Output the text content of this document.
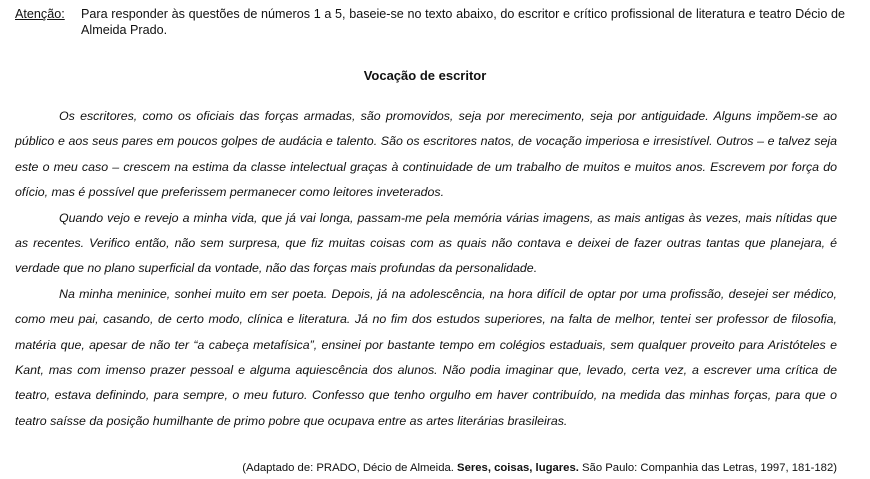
Atenção:	Para responder às questões de números 1 a 5, baseie-se no texto abaixo, do escritor e crítico profissional de literatura e teatro Décio de Almeida Prado.
Vocação de escritor

Os escritores, como os oficiais das forças armadas, são promovidos, seja por merecimento, seja por antiguidade. Alguns impõem-se ao público e aos seus pares em poucos golpes de audácia e talento. São os escritores natos, de vocação imperiosa e irresistível. Outros – e talvez seja este o meu caso – crescem na estima da classe intelectual graças à continuidade de um trabalho de muitos e muitos anos. Escrevem por força do ofício, mas é possível que preferissem permanecer como leitores inveterados.

Quando vejo e revejo a minha vida, que já vai longa, passam-me pela memória várias imagens, as mais antigas às vezes, mais nítidas que as recentes. Verifico então, não sem surpresa, que fiz muitas coisas com as quais não contava e deixei de fazer outras tantas que planejara, é verdade que no plano superficial da vontade, não das forças mais profundas da personalidade.

Na minha meninice, sonhei muito em ser poeta. Depois, já na adolescência, na hora difícil de optar por uma profissão, desejei ser médico, como meu pai, casando, de certo modo, clínica e literatura. Já no fim dos estudos superiores, na falta de melhor, tentei ser professor de filosofia, matéria que, apesar de não ter “a cabeça metafísica”, ensinei por bastante tempo em colégios estaduais, sem qualquer proveito para Aristóteles e Kant, mas com imenso prazer pessoal e alguma aquiescência dos alunos. Não podia imaginar que, levado, certa vez, a escrever uma crítica de teatro, estava definindo, para sempre, o meu futuro. Confesso que tenho orgulho em haver contribuído, na medida das minhas forças, para que o teatro saísse da posição humilhante de primo pobre que ocupava entre as artes literárias brasileiras.

(Adaptado de: PRADO, Décio de Almeida. Seres, coisas, lugares. São Paulo: Companhia das Letras, 1997, 181-182)
